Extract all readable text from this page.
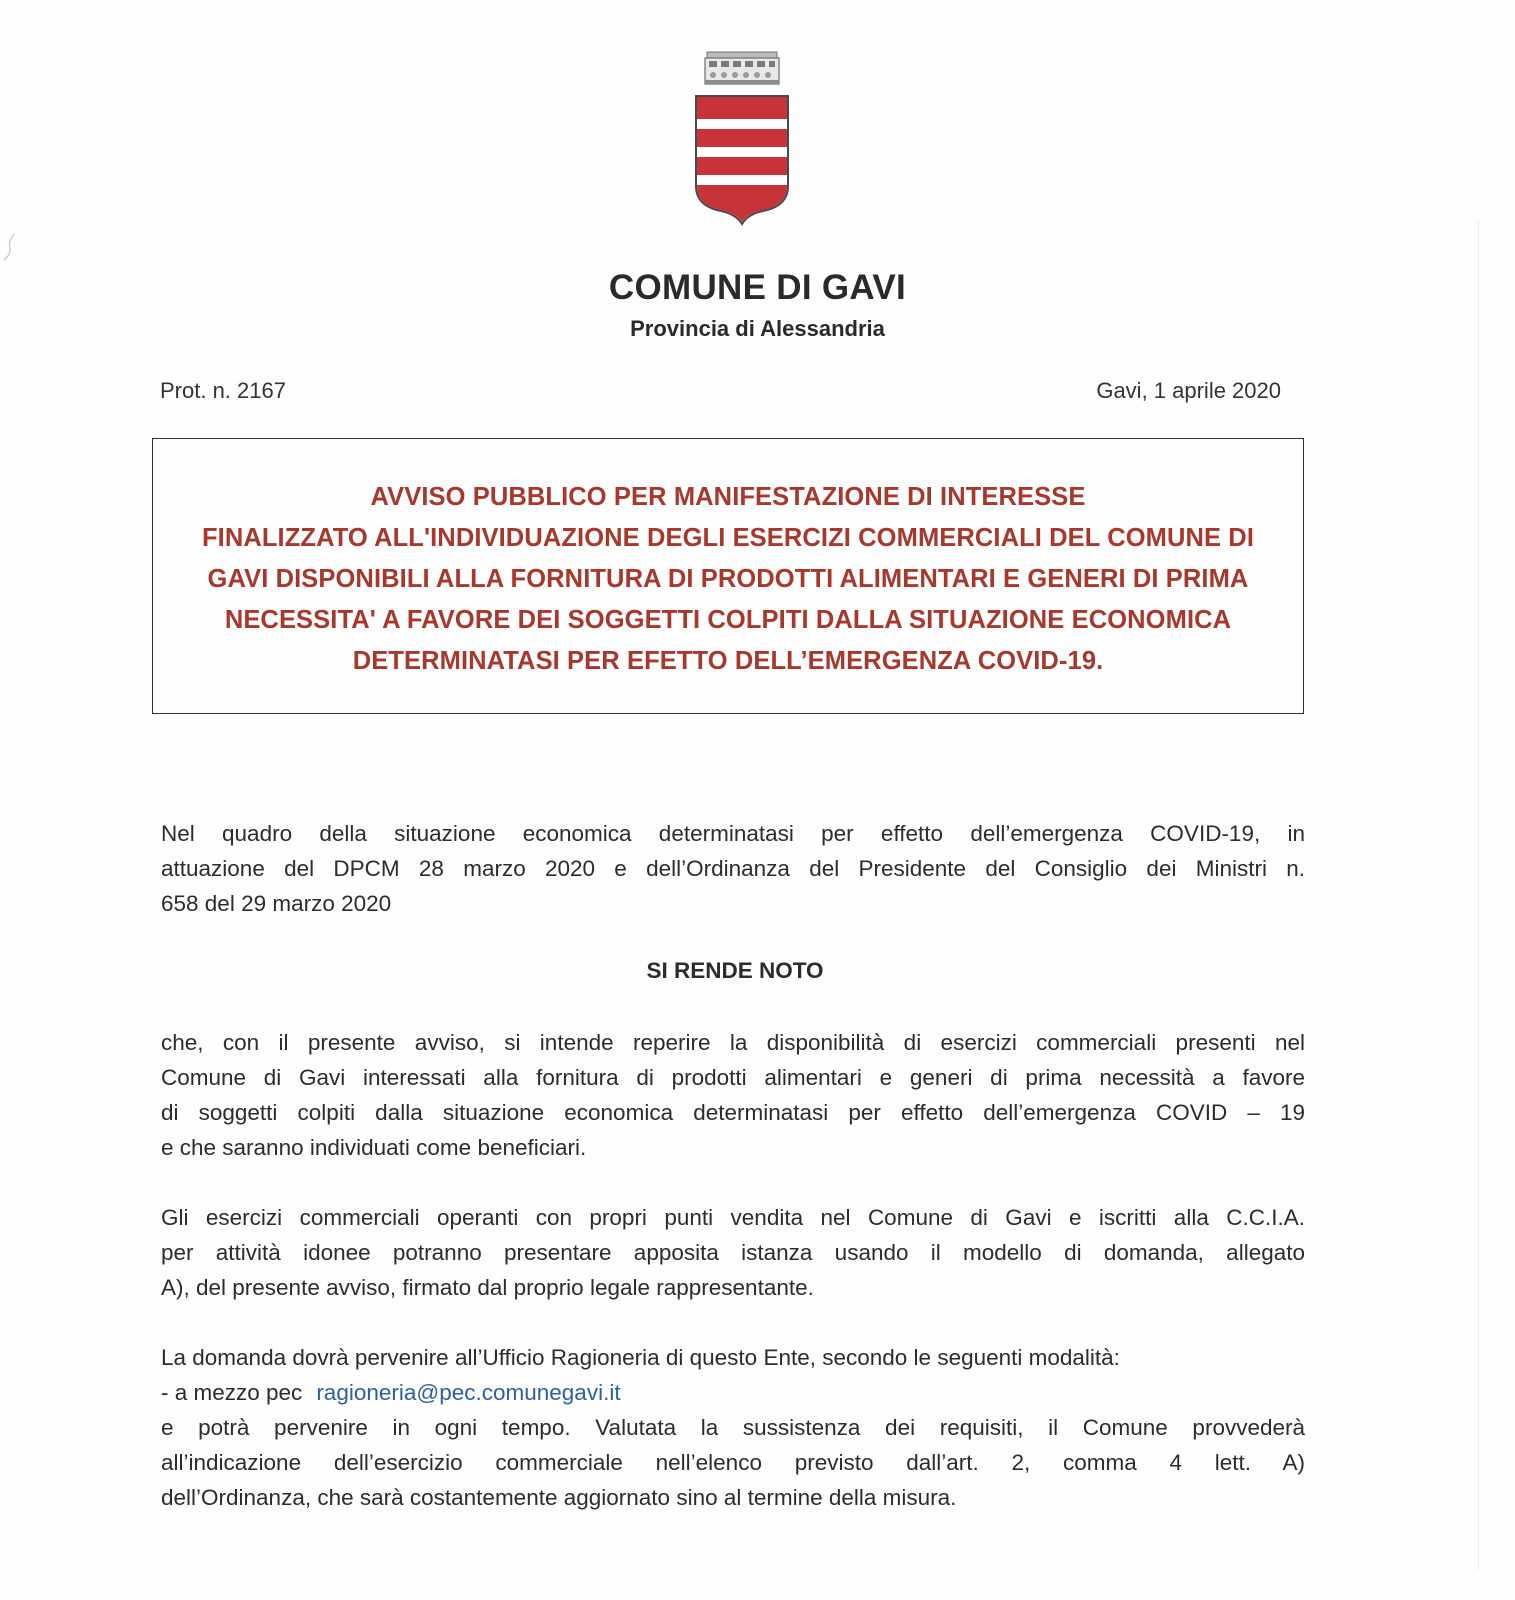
COMUNE DI GAVI
Provincia di Alessandria
Prot. n. 2167	Gavi, 1 aprile 2020
AVVISO PUBBLICO PER MANIFESTAZIONE DI INTERESSE
FINALIZZATO ALL'INDIVIDUAZIONE DEGLI ESERCIZI COMMERCIALI DEL COMUNE DI
GAVI DISPONIBILI ALLA FORNITURA DI PRODOTTI ALIMENTARI E GENERI DI PRIMA
NECESSITA' A FAVORE DEI SOGGETTI COLPITI DALLA SITUAZIONE ECONOMICA
DETERMINATASI PER EFETTO DELL’EMERGENZA COVID-19.
Nel quadro della situazione economica determinatasi per effetto dell’emergenza COVID-19, in
attuazione del DPCM 28 marzo 2020 e dell’Ordinanza del Presidente del Consiglio dei Ministri n.
658 del 29 marzo 2020
SI RENDE NOTO
che, con il presente avviso, si intende reperire la disponibilità di esercizi commerciali presenti nel
Comune di Gavi interessati alla fornitura di prodotti alimentari e generi di prima necessità a favore
di soggetti colpiti dalla situazione economica determinatasi per effetto dell’emergenza COVID – 19
e che saranno individuati come beneficiari.
Gli esercizi commerciali operanti con propri punti vendita nel Comune di Gavi e iscritti alla C.C.I.A.
per attività idonee potranno presentare apposita istanza usando il modello di domanda, allegato
A), del presente avviso, firmato dal proprio legale rappresentante.
La domanda dovrà pervenire all’Ufficio Ragioneria di questo Ente, secondo le seguenti modalità:
- a mezzo pec ragioneria@pec.comunegavi.it
e potrà pervenire in ogni tempo. Valutata la sussistenza dei requisiti, il Comune provvederà
all’indicazione dell’esercizio commerciale nell’elenco previsto dall’art. 2, comma 4 lett. A)
dell’Ordinanza, che sarà costantemente aggiornato sino al termine della misura.
